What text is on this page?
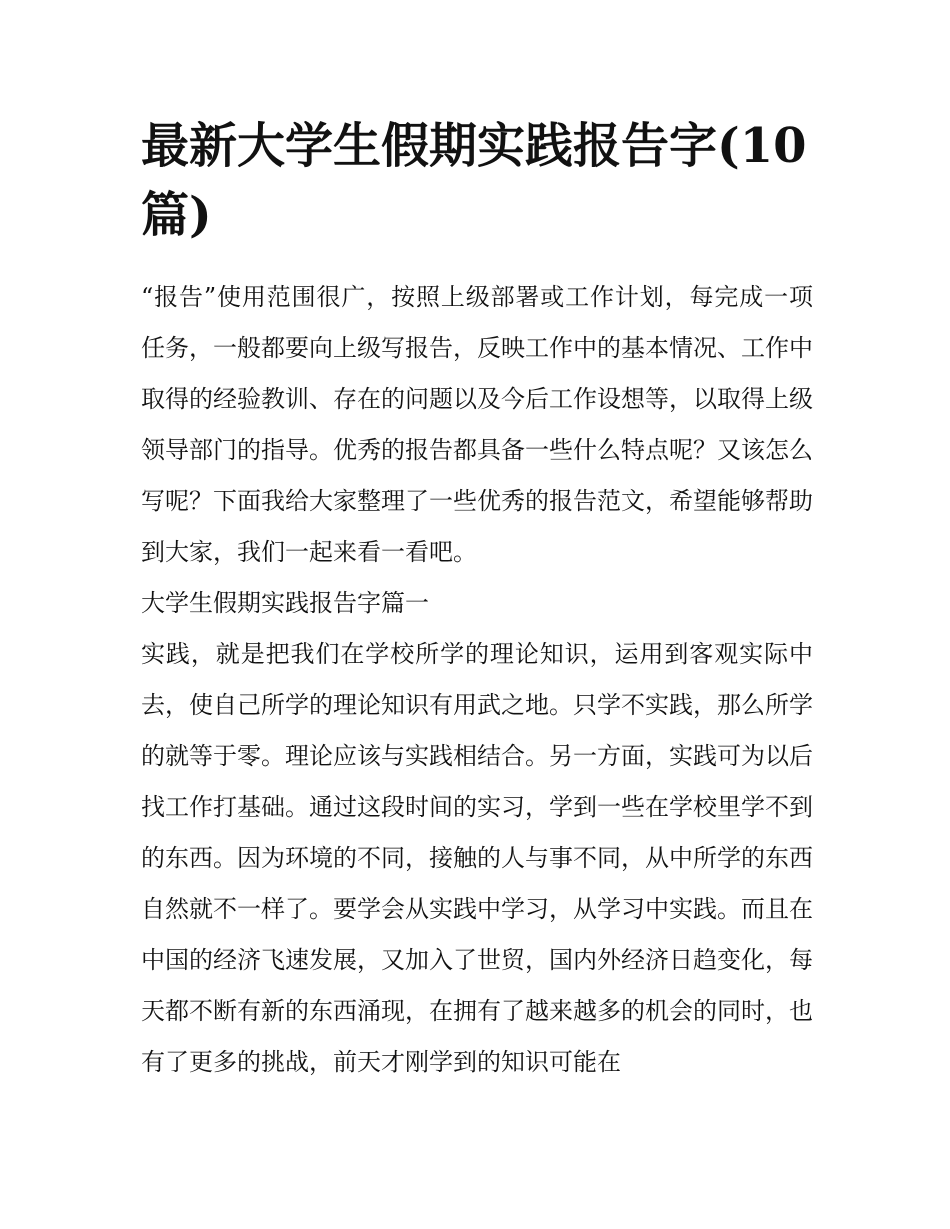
最新大学生假期实践报告字(10篇)

“报告”使用范围很广，按照上级部署或工作计划，每完成一项任务，一般都要向上级写报告，反映工作中的基本情况、工作中取得的经验教训、存在的问题以及今后工作设想等，以取得上级领导部门的指导。优秀的报告都具备一些什么特点呢？又该怎么写呢？下面我给大家整理了一些优秀的报告范文，希望能够帮助到大家，我们一起来看一看吧。

大学生假期实践报告字篇一

实践，就是把我们在学校所学的理论知识，运用到客观实际中去，使自己所学的理论知识有用武之地。只学不实践，那么所学的就等于零。理论应该与实践相结合。另一方面，实践可为以后找工作打基础。通过这段时间的实习，学到一些在学校里学不到的东西。因为环境的不同，接触的人与事不同，从中所学的东西自然就不一样了。要学会从实践中学习，从学习中实践。而且在中国的经济飞速发展，又加入了世贸，国内外经济日趋变化，每天都不断有新的东西涌现，在拥有了越来越多的机会的同时，也有了更多的挑战，前天才刚学到的知识可能在
